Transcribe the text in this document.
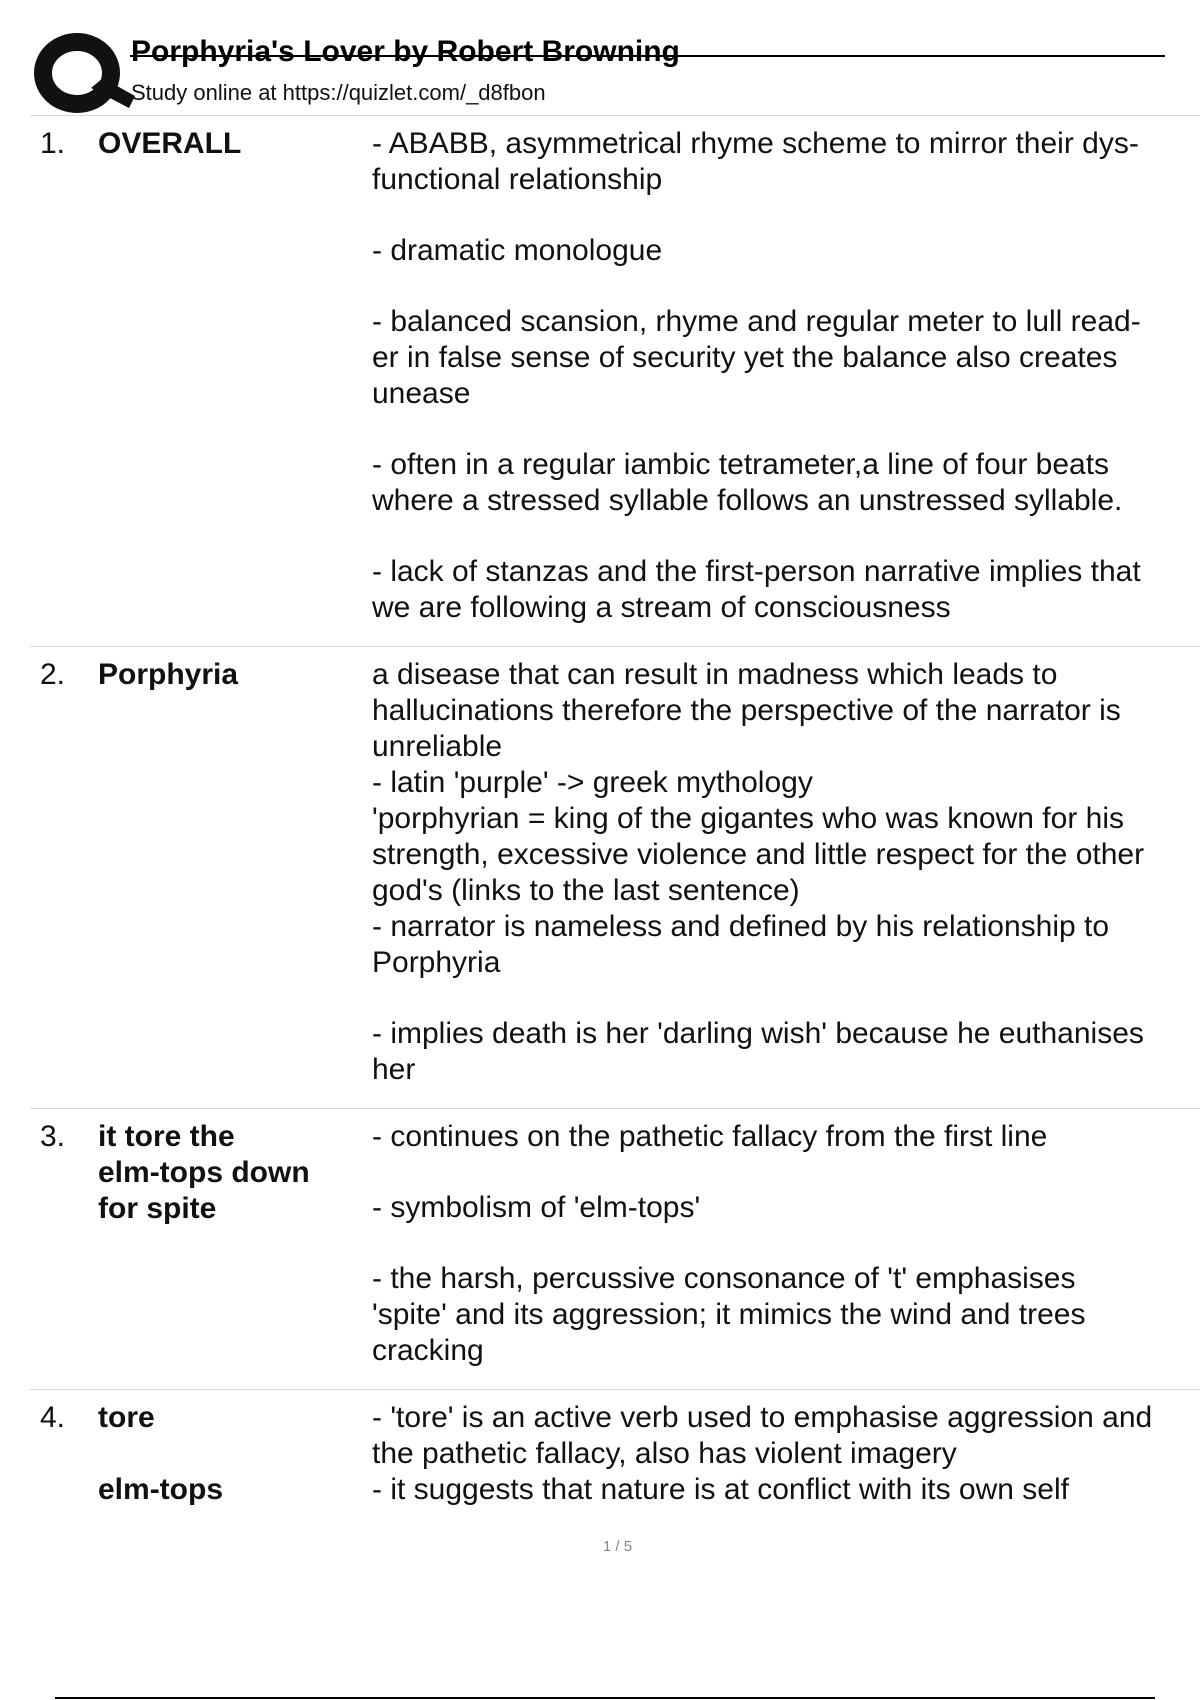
Porphyria's Lover by Robert Browning
Study online at https://quizlet.com/_d8fbon
1. OVERALL	- ABABB, asymmetrical rhyme scheme to mirror their dys-
functional relationship
- dramatic monologue
- balanced scansion, rhyme and regular meter to lull read-
er in false sense of security yet the balance also creates
unease
- often in a regular iambic tetrameter,a line of four beats
where a stressed syllable follows an unstressed syllable.
- lack of stanzas and the first-person narrative implies that
we are following a stream of consciousness
2. Porphyria	a disease that can result in madness which leads to
hallucinations therefore the perspective of the narrator is
unreliable
- latin 'purple' -> greek mythology
'porphyrian = king of the gigantes who was known for his
strength, excessive violence and little respect for the other
god's (links to the last sentence)
- narrator is nameless and defined by his relationship to
Porphyria
- implies death is her 'darling wish' because he euthanises
her
3. it tore the
elm-tops down
for spite
- continues on the pathetic fallacy from the first line
- symbolism of 'elm-tops'
- the harsh, percussive consonance of 't' emphasises
'spite' and its aggression; it mimics the wind and trees
cracking
4. tore
elm-tops
- 'tore' is an active verb used to emphasise aggression and
the pathetic fallacy, also has violent imagery
- it suggests that nature is at conflict with its own self
1 / 5
